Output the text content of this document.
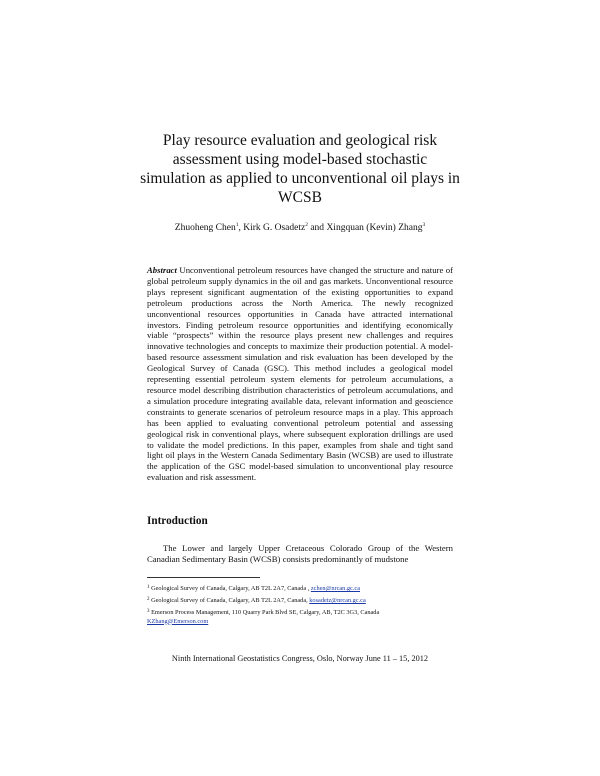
Play resource evaluation and geological risk
assessment using model-based stochastic
simulation as applied to unconventional oil plays in
WCSB
Zhuoheng Chen$^1$, Kirk G. Osadetz$^2$ and Xingquan (Kevin) Zhang$^3$
Abstract Unconventional petroleum resources have changed the structure and nature of global petroleum supply dynamics in the oil and gas markets. Unconventional resource plays represent significant augmentation of the existing opportunities to expand petroleum productions across the North America. The newly recognized unconventional resources opportunities in Canada have attracted international investors. Finding petroleum resource opportunities and identifying economically viable “prospects” within the resource plays present new challenges and requires innovative technologies and concepts to maximize their production potential. A model-based resource assessment simulation and risk evaluation has been developed by the Geological Survey of Canada (GSC). This method includes a geological model representing essential petroleum system elements for petroleum accumulations, a resource model describing distribution characteristics of petroleum accumulations, and a simulation procedure integrating available data, relevant information and geoscience constraints to generate scenarios of petroleum resource maps in a play. This approach has been applied to evaluating conventional petroleum potential and assessing geological risk in conventional plays, where subsequent exploration drillings are used to validate the model predictions. In this paper, examples from shale and tight sand light oil plays in the Western Canada Sedimentary Basin (WCSB) are used to illustrate the application of the GSC model-based simulation to unconventional play resource evaluation and risk assessment.
Introduction
The Lower and largely Upper Cretaceous Colorado Group of the Western Canadian Sedimentary Basin (WCSB) consists predominantly of mudstone
$^1$ Geological Survey of Canada, Calgary, AB T2L 2A7, Canada , zchen@nrcan.gc.ca
$^2$ Geological Survey of Canada, Calgary, AB T2L 2A7, Canada, kosadetz@nrcan.gc.ca
$^3$ Emerson Process Management, 110 Quarry Park Blvd SE, Calgary, AB, T2C 3G3, Canada
KZhang@Emerson.com
Ninth International Geostatistics Congress, Oslo, Norway June 11 – 15, 2012
